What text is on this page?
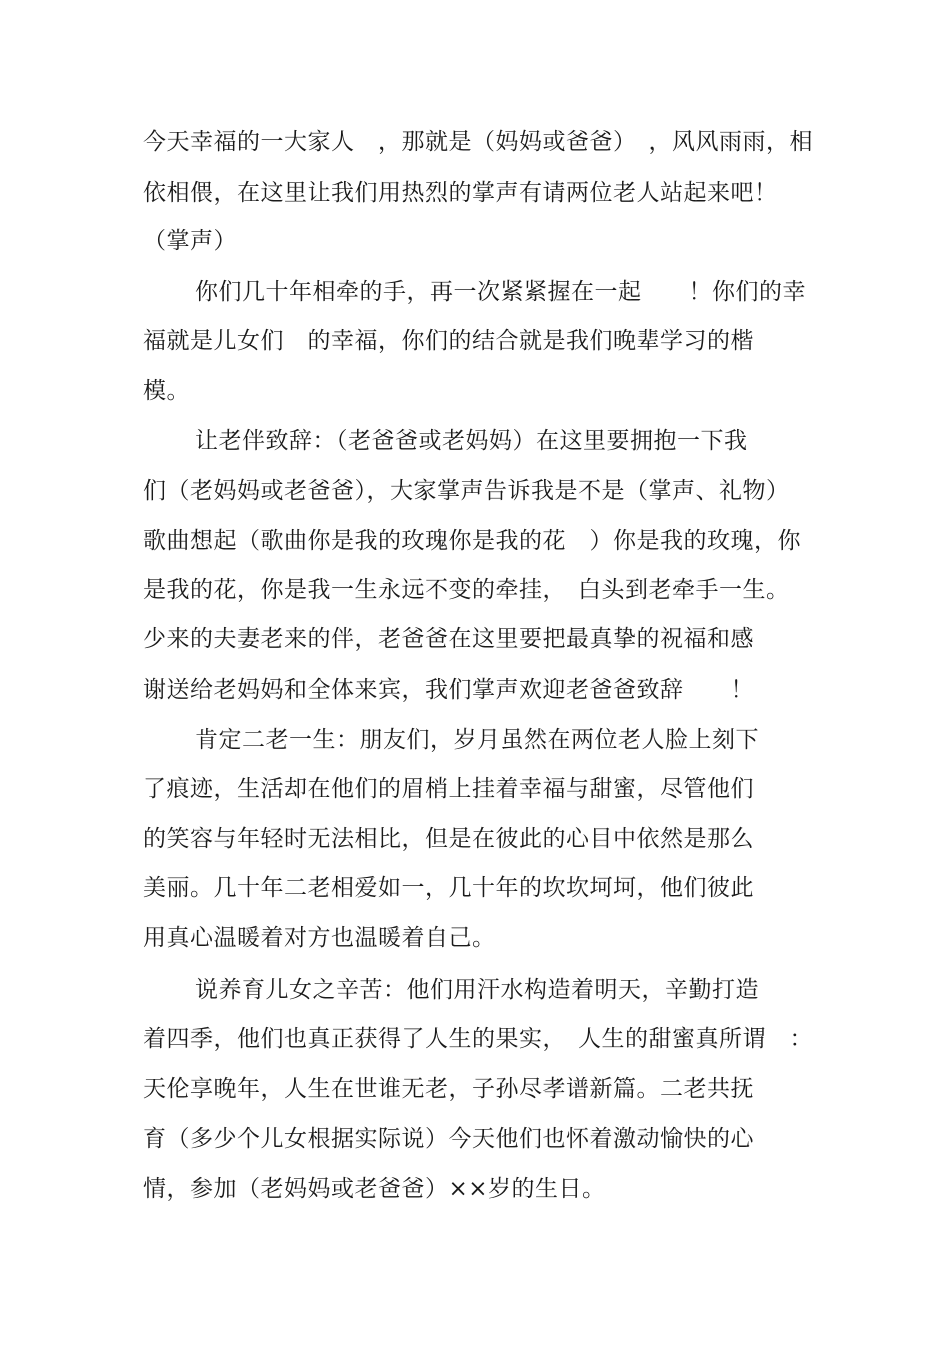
今天幸福的一大家人　，那就是（妈妈或爸爸）　，风风雨雨，相
依相偎，在这里让我们用热烈的掌声有请两位老人站起来吧！
（掌声）
你们几十年相牵的手，再一次紧紧握在一起　　！你们的幸
福就是儿女们　的幸福，你们的结合就是我们晚辈学习的楷
模。
让老伴致辞：（老爸爸或老妈妈）在这里要拥抱一下我
们（老妈妈或老爸爸），大家掌声告诉我是不是（掌声、礼物）
歌曲想起（歌曲你是我的玫瑰你是我的花　）你是我的玫瑰，你
是我的花，你是我一生永远不变的牵挂，　白头到老牵手一生。
少来的夫妻老来的伴，老爸爸在这里要把最真挚的祝福和感
谢送给老妈妈和全体来宾，我们掌声欢迎老爸爸致辞　　！
肯定二老一生：朋友们，岁月虽然在两位老人脸上刻下
了痕迹，生活却在他们的眉梢上挂着幸福与甜蜜，尽管他们
的笑容与年轻时无法相比，但是在彼此的心目中依然是那么
美丽。几十年二老相爱如一，几十年的坎坎坷坷，他们彼此
用真心温暖着对方也温暖着自己。
说养育儿女之辛苦：他们用汗水构造着明天，辛勤打造
着四季，他们也真正获得了人生的果实，　人生的甜蜜真所谓　：
天伦享晚年，人生在世谁无老，子孙尽孝谱新篇。二老共抚
育（多少个儿女根据实际说）今天他们也怀着激动愉快的心
情，参加（老妈妈或老爸爸）××岁的生日。
